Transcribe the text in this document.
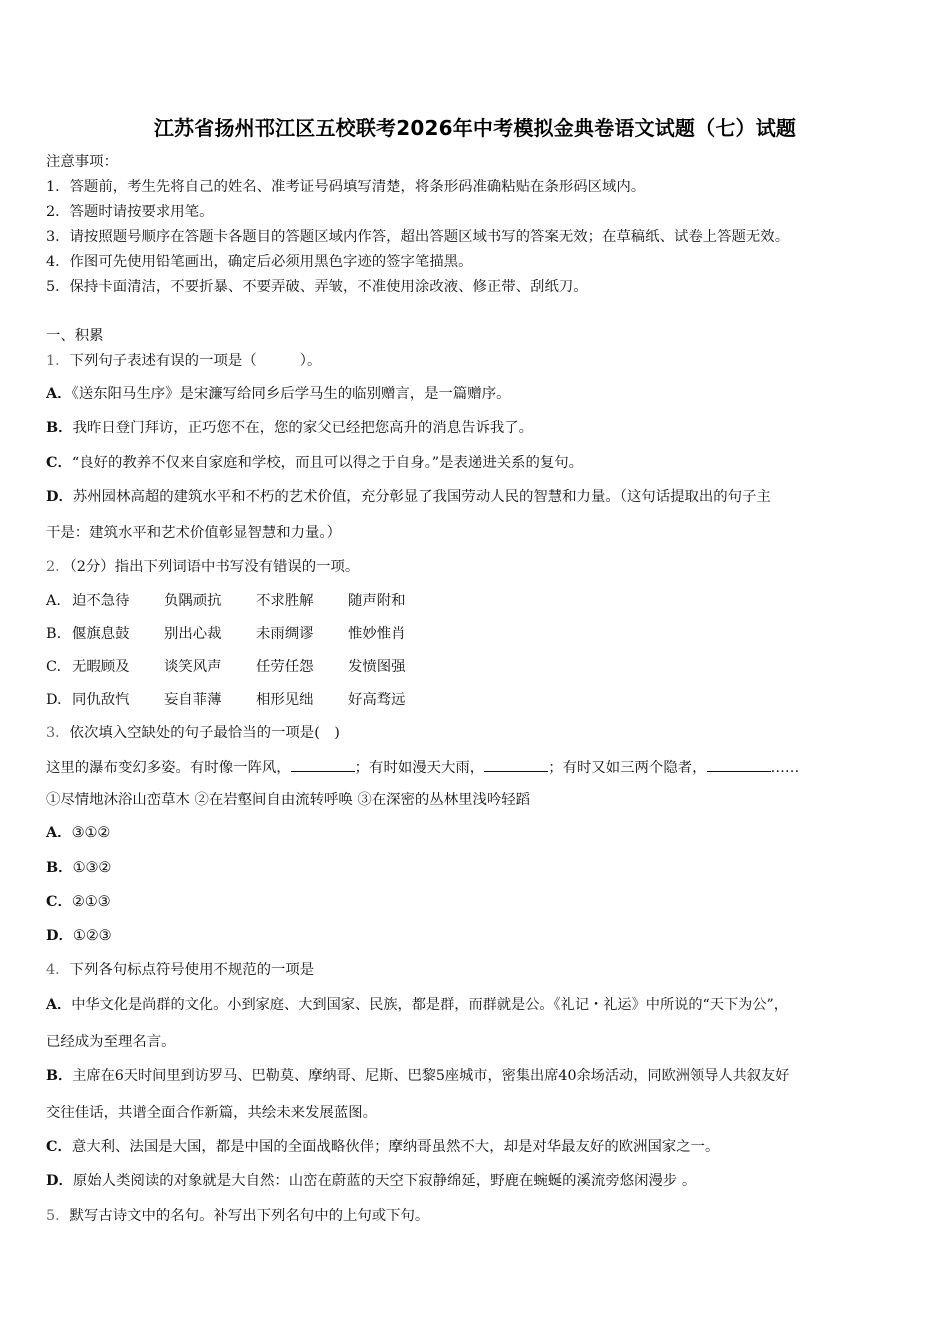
江苏省扬州邗江区五校联考2026年中考模拟金典卷语文试题（七）试题
注意事项：
1．答题前，考生先将自己的姓名、准考证号码填写清楚，将条形码准确粘贴在条形码区域内。
2．答题时请按要求用笔。
3．请按照题号顺序在答题卡各题目的答题区域内作答，超出答题区域书写的答案无效；在草稿纸、试卷上答题无效。
4．作图可先使用铅笔画出，确定后必须用黑色字迹的签字笔描黑。
5．保持卡面清洁，不要折暴、不要弄破、弄皱，不准使用涂改液、修正带、刮纸刀。
一、积累
1．下列句子表述有误的一项是（　　　）。
A．《送东阳马生序》是宋濂写给同乡后学马生的临别赠言，是一篇赠序。
B．我昨日登门拜访，正巧您不在，您的家父已经把您高升的消息告诉我了。
C．“良好的教养不仅来自家庭和学校，而且可以得之于自身。”是表递进关系的复句。
D．苏州园林高超的建筑水平和不朽的艺术价值，充分彰显了我国劳动人民的智慧和力量。（这句话提取出的句子主
干是：建筑水平和艺术价值彰显智慧和力量。）
2．（2分）指出下列词语中书写没有错误的一项。
A. 迫不急待 负隅顽抗 不求胜解 随声附和
B. 偃旗息鼓 别出心裁 未雨绸谬 惟妙惟肖
C. 无暇顾及 谈笑风声 任劳任怨 发愤图强
D. 同仇敌忾 妄自菲薄 相形见绌 好高骛远
3．依次填入空缺处的句子最恰当的一项是(　)
这里的瀑布变幻多姿。有时像一阵风，	；有时如漫天大雨，	；有时又如三两个隐者，	……
①尽情地沐浴山峦草木 ②在岩壑间自由流转呼唤 ③在深密的丛林里浅吟轻蹈
A．③①②
B．①③②
C．②①③
D．①②③
4．下列各句标点符号使用不规范的一项是
A．中华文化是尚群的文化。小到家庭、大到国家、民族，都是群，而群就是公。《礼记・礼运》中所说的“天下为公”，
已经成为至理名言。
B．主席在6天时间里到访罗马、巴勒莫、摩纳哥、尼斯、巴黎5座城市，密集出席40余场活动，同欧洲领导人共叙友好
交往佳话，共谱全面合作新篇，共绘未来发展蓝图。
C．意大利、法国是大国，都是中国的全面战略伙伴；摩纳哥虽然不大，却是对华最友好的欧洲国家之一。
D．原始人类阅读的对象就是大自然：山峦在蔚蓝的天空下寂静绵延，野鹿在蜿蜒的溪流旁悠闲漫步 。
5．默写古诗文中的名句。补写出下列名句中的上句或下句。
